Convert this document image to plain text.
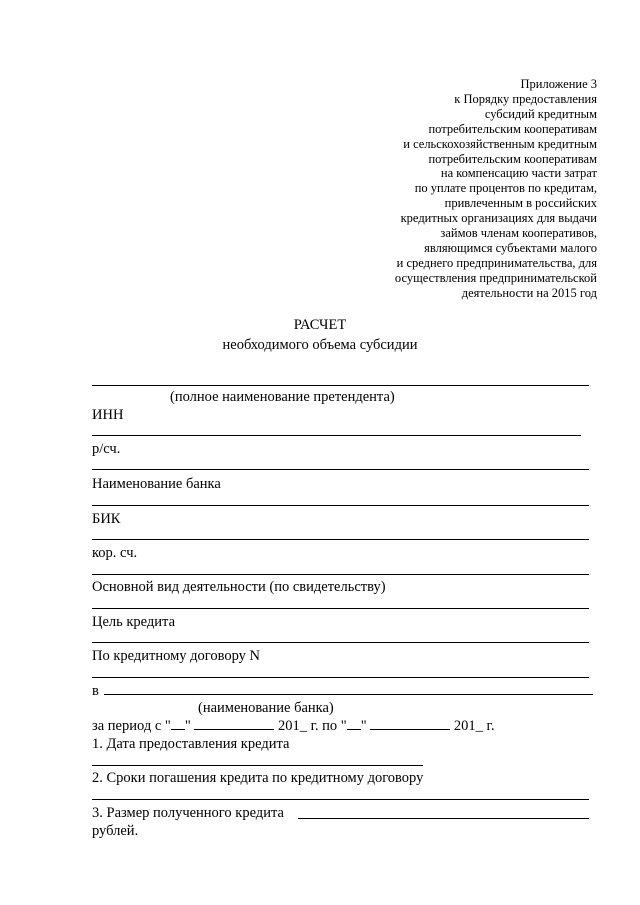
Приложение 3
к Порядку предоставления
субсидий кредитным
потребительским кооперативам
и сельскохозяйственным кредитным
потребительским кооперативам
на компенсацию части затрат
по уплате процентов по кредитам,
привлеченным в российских
кредитных организациях для выдачи
займов членам кооперативов,
являющимся субъектами малого
и среднего предпринимательства, для
осуществления предпринимательской
деятельности на 2015 год
РАСЧЕТ
необходимого объема субсидии
(полное наименование претендента)
ИНН
р/сч.
Наименование банка
БИК
кор. сч.
Основной вид деятельности (по свидетельству)
Цель кредита
По кредитному договору N
в
(наименование банка)
за период с " "	201_ г. по " "	201_ г.
1. Дата предоставления кредита
2. Сроки погашения кредита по кредитному договору
3. Размер полученного кредита
рублей.
